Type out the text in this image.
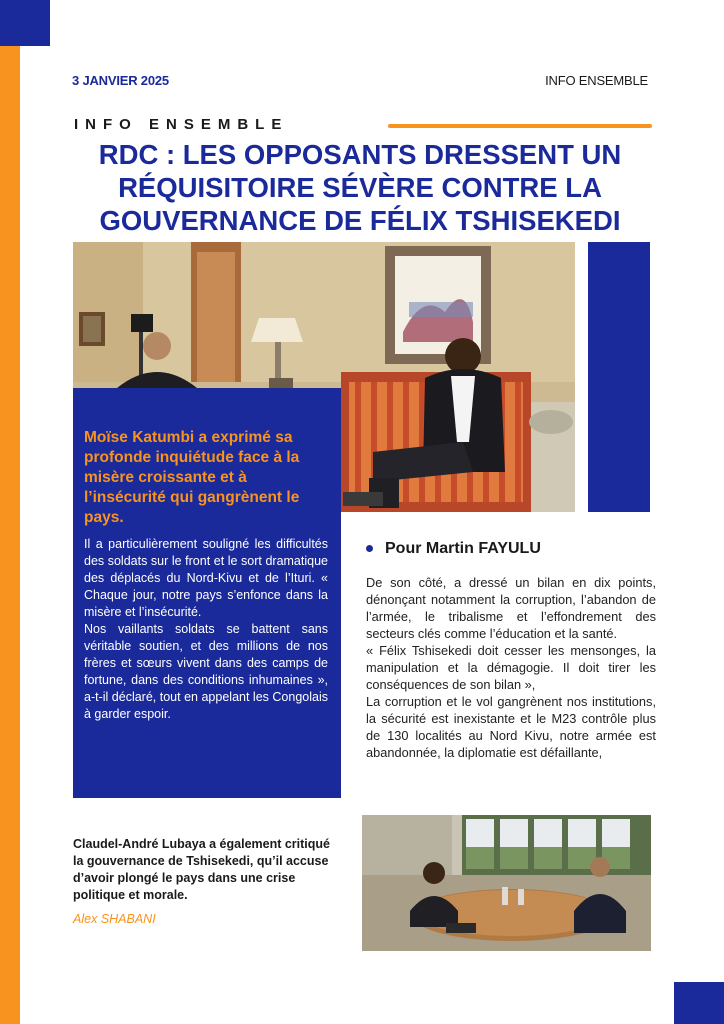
3 JANVIER 2025	INFO ENSEMBLE
INFO ENSEMBLE
RDC : LES OPPOSANTS DRESSENT UN
RÉQUISITOIRE SÉVÈRE CONTRE LA
GOUVERNANCE DE FÉLIX TSHISEKEDI
Moïse Katumbi a exprimé sa
profonde inquiétude face à la
misère croissante et à
l’insécurité qui gangrènent le
pays.

Il a particulièrement souligné les difficultés des soldats sur le front et le sort dramatique des déplacés du Nord-Kivu et de l’Ituri. « Chaque jour, notre pays s’enfonce dans la misère et l’insécurité.

Nos vaillants soldats se battent sans véritable soutien, et des millions de nos frères et sœurs vivent dans des camps de fortune, dans des conditions inhumaines », a-t-il déclaré, tout en appelant les Congolais à garder espoir.

Pour Martin FAYULU

De son côté, a dressé un bilan en dix points, dénonçant notamment la corruption, l’abandon de l’armée, le tribalisme et l’effondrement des secteurs clés comme l’éducation et la santé.

« Félix Tshisekedi doit cesser les mensonges, la manipulation et la démagogie. Il doit tirer les conséquences de son bilan »,

La corruption et le vol gangrènent nos institutions, la sécurité est inexistante et le M23 contrôle plus de 130 localités au Nord Kivu, notre armée est abandonnée, la diplomatie est défaillante,

Claudel-André Lubaya a également critiqué la gouvernance de Tshisekedi, qu’il accuse d’avoir plongé le pays dans une crise politique et morale.
Alex SHABANI
